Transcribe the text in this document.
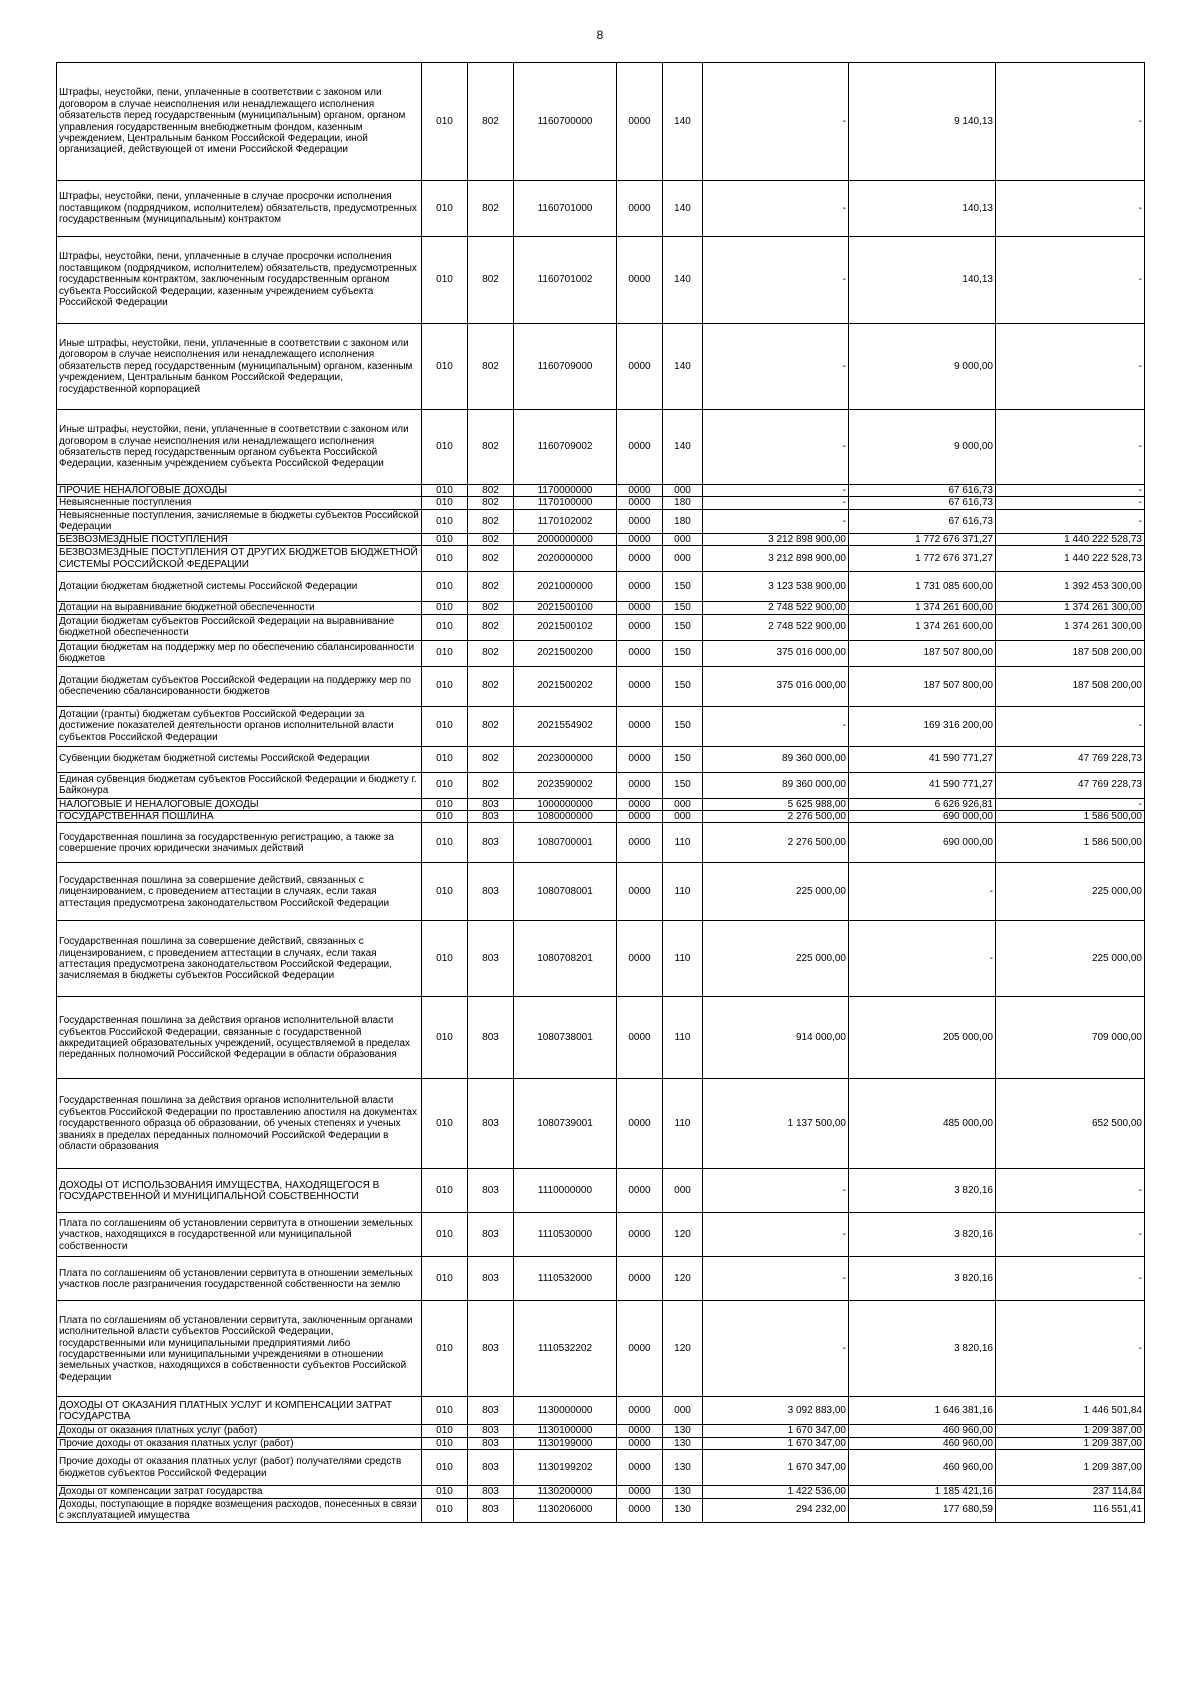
8
Штрафы, неустойки, пени, уплаченные в соответствии с законом или договором в случае неисполнения или ненадлежащего исполнения обязательств перед государственным (муниципальным) органом, органом управления государственным внебюджетным фондом, казенным учреждением, Центральным банком Российской Федерации, иной организацией, действующей от имени Российской Федерации	010	802	1160700000	0000	140	-	9 140,13	-
Штрафы, неустойки, пени, уплаченные в случае просрочки исполнения поставщиком (подрядчиком, исполнителем) обязательств, предусмотренных государственным (муниципальным) контрактом	010	802	1160701000	0000	140	-	140,13	-
Штрафы, неустойки, пени, уплаченные в случае просрочки исполнения поставщиком (подрядчиком, исполнителем) обязательств, предусмотренных государственным контрактом, заключенным государственным органом субъекта Российской Федерации, казенным учреждением субъекта Российской Федерации	010	802	1160701002	0000	140	-	140,13	-
Иные штрафы, неустойки, пени, уплаченные в соответствии с законом или договором в случае неисполнения или ненадлежащего исполнения обязательств перед государственным (муниципальным) органом, казенным учреждением, Центральным банком Российской Федерации, государственной корпорацией	010	802	1160709000	0000	140	-	9 000,00	-
Иные штрафы, неустойки, пени, уплаченные в соответствии с законом или договором в случае неисполнения или ненадлежащего исполнения обязательств перед государственным органом субъекта Российской Федерации, казенным учреждением субъекта Российской Федерации	010	802	1160709002	0000	140	-	9 000,00	-
ПРОЧИЕ НЕНАЛОГОВЫЕ ДОХОДЫ	010	802	1170000000	0000	000	-	67 616,73	-
Невыясненные поступления	010	802	1170100000	0000	180	-	67 616,73	-
Невыясненные поступления, зачисляемые в бюджеты субъектов Российской Федерации	010	802	1170102002	0000	180	-	67 616,73	-
БЕЗВОЗМЕЗДНЫЕ ПОСТУПЛЕНИЯ	010	802	2000000000	0000	000	3 212 898 900,00	1 772 676 371,27	1 440 222 528,73
БЕЗВОЗМЕЗДНЫЕ ПОСТУПЛЕНИЯ ОТ ДРУГИХ БЮДЖЕТОВ БЮДЖЕТНОЙ СИСТЕМЫ РОССИЙСКОЙ ФЕДЕРАЦИИ	010	802	2020000000	0000	000	3 212 898 900,00	1 772 676 371,27	1 440 222 528,73
Дотации бюджетам бюджетной системы Российской Федерации	010	802	2021000000	0000	150	3 123 538 900,00	1 731 085 600,00	1 392 453 300,00
Дотации на выравнивание бюджетной обеспеченности	010	802	2021500100	0000	150	2 748 522 900,00	1 374 261 600,00	1 374 261 300,00
Дотации бюджетам субъектов Российской Федерации на выравнивание бюджетной обеспеченности	010	802	2021500102	0000	150	2 748 522 900,00	1 374 261 600,00	1 374 261 300,00
Дотации бюджетам на поддержку мер по обеспечению сбалансированности бюджетов	010	802	2021500200	0000	150	375 016 000,00	187 507 800,00	187 508 200,00
Дотации бюджетам субъектов Российской Федерации на поддержку мер по обеспечению сбалансированности бюджетов	010	802	2021500202	0000	150	375 016 000,00	187 507 800,00	187 508 200,00
Дотации (гранты) бюджетам субъектов Российской Федерации за достижение показателей деятельности органов исполнительной власти субъектов Российской Федерации	010	802	2021554902	0000	150	-	169 316 200,00	-
Субвенции бюджетам бюджетной системы Российской Федерации	010	802	2023000000	0000	150	89 360 000,00	41 590 771,27	47 769 228,73
Единая субвенция бюджетам субъектов Российской Федерации и бюджету г. Байконура	010	802	2023590002	0000	150	89 360 000,00	41 590 771,27	47 769 228,73
НАЛОГОВЫЕ И НЕНАЛОГОВЫЕ ДОХОДЫ	010	803	1000000000	0000	000	5 625 988,00	6 626 926,81	-
ГОСУДАРСТВЕННАЯ ПОШЛИНА	010	803	1080000000	0000	000	2 276 500,00	690 000,00	1 586 500,00
Государственная пошлина за государственную регистрацию, а также за совершение прочих юридически значимых действий	010	803	1080700001	0000	110	2 276 500,00	690 000,00	1 586 500,00
Государственная пошлина за совершение действий, связанных с лицензированием, с проведением аттестации в случаях, если такая аттестация предусмотрена законодательством Российской Федерации	010	803	1080708001	0000	110	225 000,00	-	225 000,00
Государственная пошлина за совершение действий, связанных с лицензированием, с проведением аттестации в случаях, если такая аттестация предусмотрена законодательством Российской Федерации, зачисляемая в бюджеты субъектов Российской Федерации	010	803	1080708201	0000	110	225 000,00	-	225 000,00
Государственная пошлина за действия органов исполнительной власти субъектов Российской Федерации, связанные с государственной аккредитацией образовательных учреждений, осуществляемой в пределах переданных полномочий Российской Федерации в области образования	010	803	1080738001	0000	110	914 000,00	205 000,00	709 000,00
Государственная пошлина за действия органов исполнительной власти субъектов Российской Федерации по проставлению апостиля на документах государственного образца об образовании, об ученых степенях и ученых званиях в пределах переданных полномочий Российской Федерации в области образования	010	803	1080739001	0000	110	1 137 500,00	485 000,00	652 500,00
ДОХОДЫ ОТ ИСПОЛЬЗОВАНИЯ ИМУЩЕСТВА, НАХОДЯЩЕГОСЯ В ГОСУДАРСТВЕННОЙ И МУНИЦИПАЛЬНОЙ СОБСТВЕННОСТИ	010	803	1110000000	0000	000	-	3 820,16	-
Плата по соглашениям об установлении сервитута в отношении земельных участков, находящихся в государственной или муниципальной собственности	010	803	1110530000	0000	120	-	3 820,16	-
Плата по соглашениям об установлении сервитута в отношении земельных участков после разграничения государственной собственности на землю	010	803	1110532000	0000	120	-	3 820,16	-
Плата по соглашениям об установлении сервитута, заключенным органами исполнительной власти субъектов Российской Федерации, государственными или муниципальными предприятиями либо государственными или муниципальными учреждениями в отношении земельных участков, находящихся в собственности субъектов Российской Федерации	010	803	1110532202	0000	120	-	3 820,16	-
ДОХОДЫ ОТ ОКАЗАНИЯ ПЛАТНЫХ УСЛУГ И КОМПЕНСАЦИИ ЗАТРАТ ГОСУДАРСТВА	010	803	1130000000	0000	000	3 092 883,00	1 646 381,16	1 446 501,84
Доходы от оказания платных услуг (работ)	010	803	1130100000	0000	130	1 670 347,00	460 960,00	1 209 387,00
Прочие доходы от оказания платных услуг (работ)	010	803	1130199000	0000	130	1 670 347,00	460 960,00	1 209 387,00
Прочие доходы от оказания платных услуг (работ) получателями средств бюджетов субъектов Российской Федерации	010	803	1130199202	0000	130	1 670 347,00	460 960,00	1 209 387,00
Доходы от компенсации затрат государства	010	803	1130200000	0000	130	1 422 536,00	1 185 421,16	237 114,84
Доходы, поступающие в порядке возмещения расходов, понесенных в связи с эксплуатацией имущества	010	803	1130206000	0000	130	294 232,00	177 680,59	116 551,41
